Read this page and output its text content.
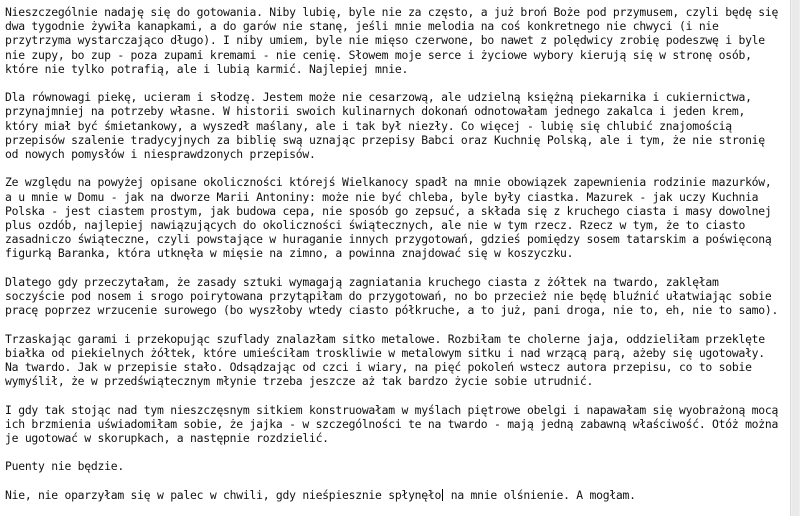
Nieszczególnie nadaję się do gotowania. Niby lubię, byle nie za często, a już broń Boże pod przymusem, czyli będę się dwa tygodnie żywiła kanapkami, a do garów nie stanę, jeśli mnie melodia na coś konkretnego nie chwyci (i nie przytrzyma wystarczająco długo). I niby umiem, byle nie mięso czerwone, bo nawet z polędwicy zrobię podeszwę i byle nie zupy, bo zup - poza zupami kremami - nie cenię. Słowem moje serce i życiowe wybory kierują się w stronę osób, które nie tylko potrafią, ale i lubią karmić. Najlepiej mnie.

Dla równowagi piekę, ucieram i słodzę. Jestem może nie cesarzową, ale udzielną księżną piekarnika i cukiernictwa, przynajmniej na potrzeby własne. W historii swoich kulinarnych dokonań odnotowałam jednego zakalca i jeden krem, który miał być śmietankowy, a wyszedł maślany, ale i tak był niezły. Co więcej - lubię się chlubić znajomością przepisów szalenie tradycyjnych za biblię swą uznając przepisy Babci oraz Kuchnię Polską, ale i tym, że nie stronię od nowych pomysłów i niesprawdzonych przepisów.

Ze względu na powyżej opisane okoliczności którejś Wielkanocy spadł na mnie obowiązek zapewnienia rodzinie mazurków, a u mnie w Domu - jak na dworze Marii Antoniny: może nie być chleba, byle były ciastka. Mazurek - jak uczy Kuchnia Polska - jest ciastem prostym, jak budowa cepa, nie sposób go zepsuć, a składa się z kruchego ciasta i masy dowolnej plus ozdób, najlepiej nawiązujących do okoliczności świątecznych, ale nie w tym rzecz. Rzecz w tym, że to ciasto zasadniczo świąteczne, czyli powstające w huraganie innych przygotowań, gdzieś pomiędzy sosem tatarskim a poświęconą figurką Baranka, która utknęła w mięsie na zimno, a powinna znajdować się w koszyczku.

Dlatego gdy przeczytałam, że zasady sztuki wymagają zagniatania kruchego ciasta z żółtek na twardo, zaklęłam soczyście pod nosem i srogo poirytowana przytąpiłam do przygotowań, no bo przecież nie będę bluźnić ułatwiając sobie pracę poprzez wrzucenie surowego (bo wyszłoby wtedy ciasto półkruche, a to już, pani droga, nie to, eh, nie to samo).

Trzaskając garami i przekopując szuflady znalazłam sitko metalowe. Rozbiłam te cholerne jaja, oddzieliłam przeklęte białka od piekielnych żółtek, które umieściłam troskliwie w metalowym sitku i nad wrzącą parą, ażeby się ugotowały. Na twardo. Jak w przepisie stało. Odsądzając od czci i wiary, na pięć pokoleń wstecz autora przepisu, co to sobie wymyślił, że w przedświątecznym młynie trzeba jeszcze aż tak bardzo życie sobie utrudnić.

I gdy tak stojąc nad tym nieszczęsnym sitkiem konstruowałam w myślach piętrowe obelgi i napawałam się wyobrażoną mocą ich brzmienia uświadomiłam sobie, że jajka - w szczególności te na twardo - mają jedną zabawną właściwość. Otóż można je ugotować w skorupkach, a następnie rozdzielić.

Puenty nie będzie.

Nie, nie oparzyłam się w palec w chwili, gdy nieśpiesznie spłynęło na mnie olśnienie. A mogłam.
